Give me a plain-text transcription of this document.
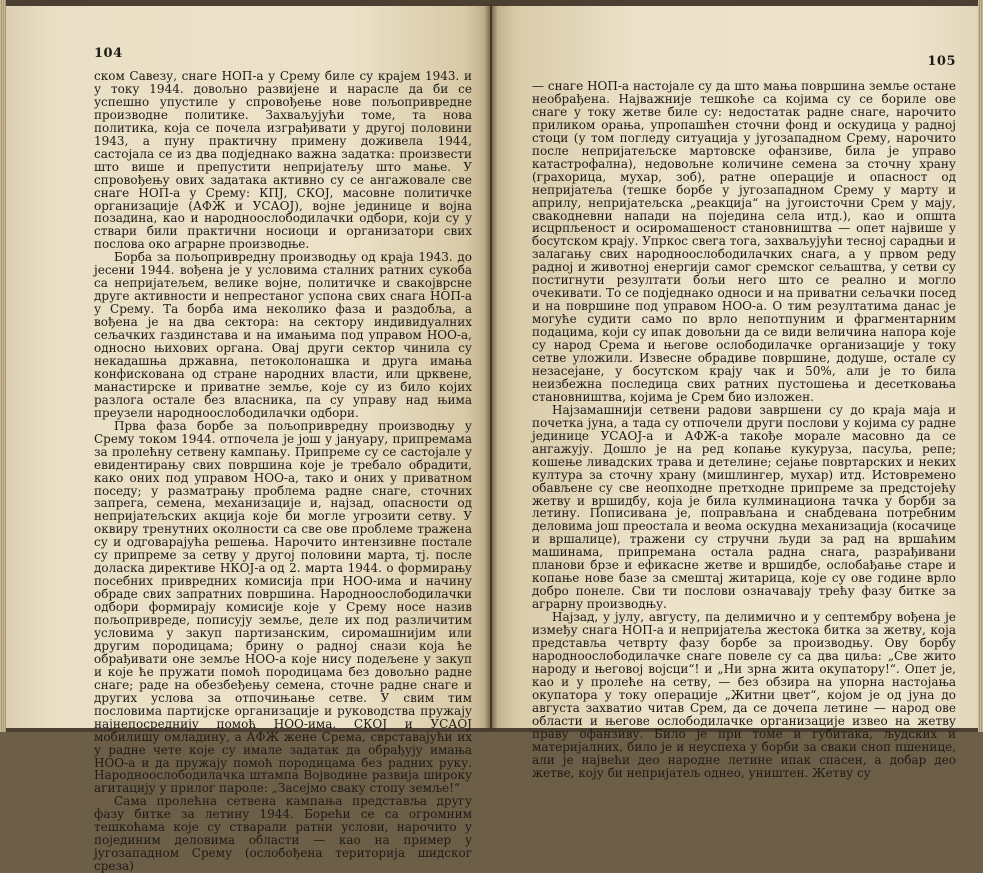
104

ском Савезу, снаге НОП-а у Срему биле су крајем 1943. и у току 1944. довољно развијене и нарасле да би се успешно упустиле у спровођење нове пољопривредне производне политике. Захваљујући томе, та нова политика, која се почела изграђивати у другој половини 1943, а пуну практичну примену доживела 1944, састојала се из два подједнако важна задатка: произвести што више и препустити непријатељу што мање. У спровођењу ових задатака активно су се ангажовале све снаге НОП-а у Срему: КПЈ, СКОЈ, масовне политичке организације (АФЖ и УСАОЈ), војне јединице и војна позадина, као и народноослободилачки одбори, који су у ствари били практични носиоци и организатори свих послова око аграрне производње.

Борба за пољопривредну производњу од краја 1943. до јесени 1944. вођена је у условима сталних ратних сукоба са непријатељем, велике војне, политичке и свакојврсне друге активности и непрестаног успона свих снага НОП-а у Срему. Та борба има неколико фаза и раздобља, а вођена је на два сектора: на сектору индивидуалних сељачких газдинстава и на имањима под управом НОО-а, односно њихових органа. Овај други сектор чинила су некадашња државна, петоколонашка и друга имања конфискована од стране народних власти, или црквене, манастирске и приватне земље, које су из било којих разлога остале без власника, па су управу над њима преузели народноослободилачки одбори.

Прва фаза борбе за пољопривредну производњу у Срему током 1944. отпочела је још у јануару, припремама за пролећну сетвену кампању. Припреме су се састојале у евидентирању свих површина које је требало обрадити, како оних под управом НОО-а, тако и оних у приватном поседу; у разматрању проблема радне снаге, сточних запрега, семена, механизације и, најзад, опасности од непријатељских акција које би могле угрозити сетву. У оквиру тренутних околности са све ове проблеме тражена су и одговарајућа решења. Нарочито интензивне постале су припреме за сетву у другој половини марта, тј. после доласка директиве НКОЈ-а од 2. марта 1944. о формирању посебних привредних комисија при НОО-има и начину обраде свих запратних површина. Народноослободилачки одбори формирају комисије које у Срему носе назив пољопривреде, пописују земље, деле их под различитим условима у закуп партизанским, сиромашнијим или другим породицама; брину о радној снази која ће обрађивати оне земље НОО-а које нису подељене у закуп и које ће пружати помоћ породицама без довољно радне снаге; раде на обезбеђењу семена, сточне радне снаге и других услова за отпочињање сетве. У свим тим пословима партијске организације и руководства пружају најнепосреднију помоћ НОО-има. СКОЈ и УСАОЈ мобилишу омладину, а АФЖ жене Срема, сврставајући их у радне чете које су имале задатак да обрађују имања НОО-а и да пружају помоћ породицама без радних руку. Народноослободилачка штампа Војводине развија широку агитацију у прилог пароле: „Засејмо сваку стопу земље!“

Сама пролећна сетвена кампања представља другу фазу битке за летину 1944. Борећи се са огромним тешкоћама које су стварали ратни услови, нарочито у појединим деловима области — као на пример у југозападном Срему (ослобођена територија шидског среза)

105

— снаге НОП-а настојале су да што мања површина земље остане необрађена. Најважније тешкоће са којима су се бориле ове снаге у току жетве биле су: недостатак радне снаге, нарочито приликом орања, упропашћен сточни фонд и оскудица у радној стоци (у том погледу ситуација у југозападном Срему, нарочито после непријатељске мартовске офанзиве, била је управо катастрофална), недовољне количине семена за сточну храну (грахорица, мухар, зоб), ратне операције и опасност од непријатеља (тешке борбе у југозападном Срему у марту и априлу, непријатељска „реакција“ на југоисточни Срем у мају, свакодневни напади на поједина села итд.), као и општа исцрпљеност и осиромашеност становништва — опет највише у босутском крају. Упркос свега тога, захваљујући тесној сарадњи и залагању свих народноослободилачких снага, а у првом реду радној и животној енергији самог сремског сељаштва, у сетви су постигнути резултати бољи него што се реално и могло очекивати. То се подједнако односи и на приватни сељачки посед и на површине под управом НОО-а. О тим резултатима данас је могуће судити само по врло непотпуним и фрагментарним подацима, који су ипак довољни да се види величина напора које су народ Срема и његове ослободилачке организације у току сетве уложили. Извесне обрадиве површине, додуше, остале су незасејане, у босутском крају чак и 50%, али је то била неизбежна последица свих ратних пустошења и десетковања становништва, којима је Срем био изложен.

Најзамашнији сетвени радови завршени су до краја маја и почетка јуна, а тада су отпочели други послови у којима су радне јединице УСАОЈ-а и АФЖ-а такође морале масовно да се ангажују. Дошло је на ред копање кукуруза, пасуља, репе; кошење ливадских трава и детелине; сејање повртарских и неких култура за сточну храну (мишлингер, мухар) итд. Истовремено обављене су све неопходне претходне припреме за предстојећу жетву и вршидбу, која је била кулминациона тачка у борби за летину. Пописивана је, поправљана и снабдевана потребним деловима још преостала и веома оскудна механизација (косачице и вршалице), тражени су стручни људи за рад на вршаћим машинама, припремана остала радна снага, разрађивани планови брзе и ефикасне жетве и вршидбе, ослобађање старе и копање нове базе за смештај житарица, које су ове године врло добро понеле. Сви ти послови означавају трећу фазу битке за аграрну производњу.

Најзад, у јулу, августу, па делимично и у септембру вођена је између снага НОП-а и непријатеља жестока битка за жетву, која представља четврту фазу борбе за производњу. Ову борбу народноослободилачке снаге повеле су са два циља: „Све жито народу и његовој војсци“! и „Ни зрна жита окупатору!“. Опет је, као и у пролеће на сетву, — без обзира на упорна настојања окупатора у току операције „Житни цвет“, којом је од јуна до августа захватио читав Срем, да се дочепа летине — народ ове области и његове ослободилачке организације извео на жетву праву офанзиву. Било је при томе и губитака, људских и материјалних, било је и неуспеха у борби за сваки сноп пшенице, али је највећи део народне летине ипак спасен, а добар део жетве, коју би непријатељ однео, уништен. Жетву су
